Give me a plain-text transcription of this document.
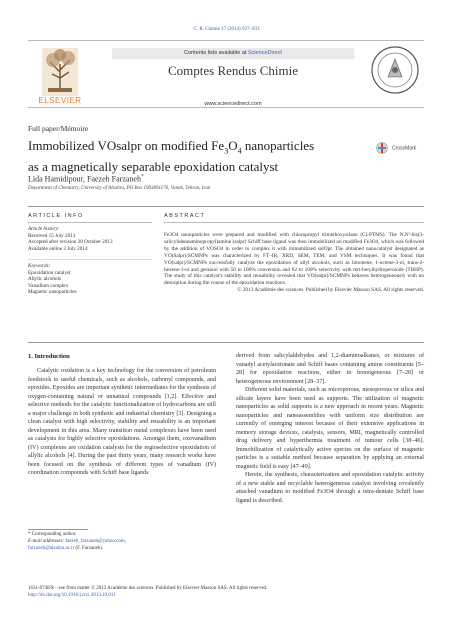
C. R. Chimie 17 (2014) 927–933
ELSEVIER
Contents lists available at ScienceDirect
Comptes Rendus Chimie
www.sciencedirect.com
Full paper/Mémoire
Immobilized VOsalpr on modified $Fe_3O_4$ nanoparticles
as a magnetically separable epoxidation catalyst
CrossMark
Lida Hamidipour, Faezeh Farzaneh*
Department of Chemistry, University of Alzahra, PO Box 1993891176, Vanak, Tehran, Iran
ARTICLE INFO	ABSTRACT
Article history:
Received 15 July 2013
Accepted after revision 28 October 2013
Available online 2 July 2014
Keywords:
Epoxidation catalyst
Allylic alcohols
Vanadium complex
Magnetic nanoparticles

Fe3O4 nanoparticles were prepared and modified with chloropropyl trimethoxysilane (Cl-PTMS). The N,N′-bis(3-salicylideneaminopropyl)amine (salpr) Schiff base ligand was then immobilized on modified Fe3O4, which was followed by the addition of VOSO4 in order to complex it with immobilized salOpr. The obtained nanocatalyst designated as VO(Salpr)/SCMNPs was characterized by FT–IR, XRD, SEM, TEM, and VSM techniques. It was found that VO(salpr)/SCMNPs successfully catalyze the epoxidation of allyl alcohols, such as limonene, 1-octene-3-ol, trans-2-hexene-1-ol and geraniol with 50 to 100% conversion and 62 to 100% selectivity with tert-butylhydroperoxide (TBHP). The study of this catalyst's stability and reusability revealed that VO(salpr)/SCMNPs behaves heterogeneously with no desorption during the course of the epoxidation reactions.

© 2013 Académie des sciences. Published by Elsevier Masson SAS. All rights reserved.

1. Introduction

Catalytic oxidation is a key technology for the conversion of petroleum feedstock to useful chemicals, such as alcohols, carbonyl compounds, and epoxides. Epoxides are important synthetic intermediates for the synthesis of oxygen-containing natural or unnatural compounds [1,2]. Effective and selective methods for the catalytic functionalization of hydrocarbons are still a major challenge in both synthetic and industrial chemistry [3]. Designing a clean catalyst with high selectivity, stability and reusability is an important development in this area. Many transition metal complexes have been used as catalysts for highly selective epoxidations. Amongst them, oxovanadium (IV) complexes are oxidation catalysts for the regioselective epoxidation of allylic alcohols [4]. During the past thirty years, many research works have been focused on the synthesis of different types of vanadium (IV) coordination compounds with Schiff base ligands

derived from salicylaldehydes and 1,2-diaminoalkanes, or mixtures of vanadyl acetylacetonate and Schiff bases containing amine constituents [5–28] for epoxidation reactions, either in homogeneous [7–28] or heterogeneous environment [28–37].

Different solid materials, such as microporous, mesoporous or silica and silicate layers have been used as supports. The utilization of magnetic nanoparticles as solid supports is a new approach in recent years. Magnetic nanoparticles and nanoassemblies with uniform size distribution are currently of emerging interest because of their extensive applications in memory storage devices, catalysis, sensors, MRI, magnetically controlled drug delivery and hyperthermia treatment of tumour cells [38–46]. Immobilization of catalytically active species on the surface of magnetic particles is a suitable method because separation by applying an external magnetic field is easy [47–49].

Herein, the synthesis, characterization and epoxidation catalytic activity of a new stable and recyclable heterogeneous catalyst involving covalently attached vanadium to modified Fe3O4 through a tetra-dentate Schiff base ligand is described.

* Corresponding author.
E-mail addresses: faezeh_farzaneh@yahoo.com,
farzaneh@alzahra.ac.ir (F. Farzaneh).
1631-0748/$ – see front matter © 2013 Académie des sciences. Published by Elsevier Masson SAS. All rights reserved.
http://dx.doi.org/10.1016/j.crci.2013.10.011
